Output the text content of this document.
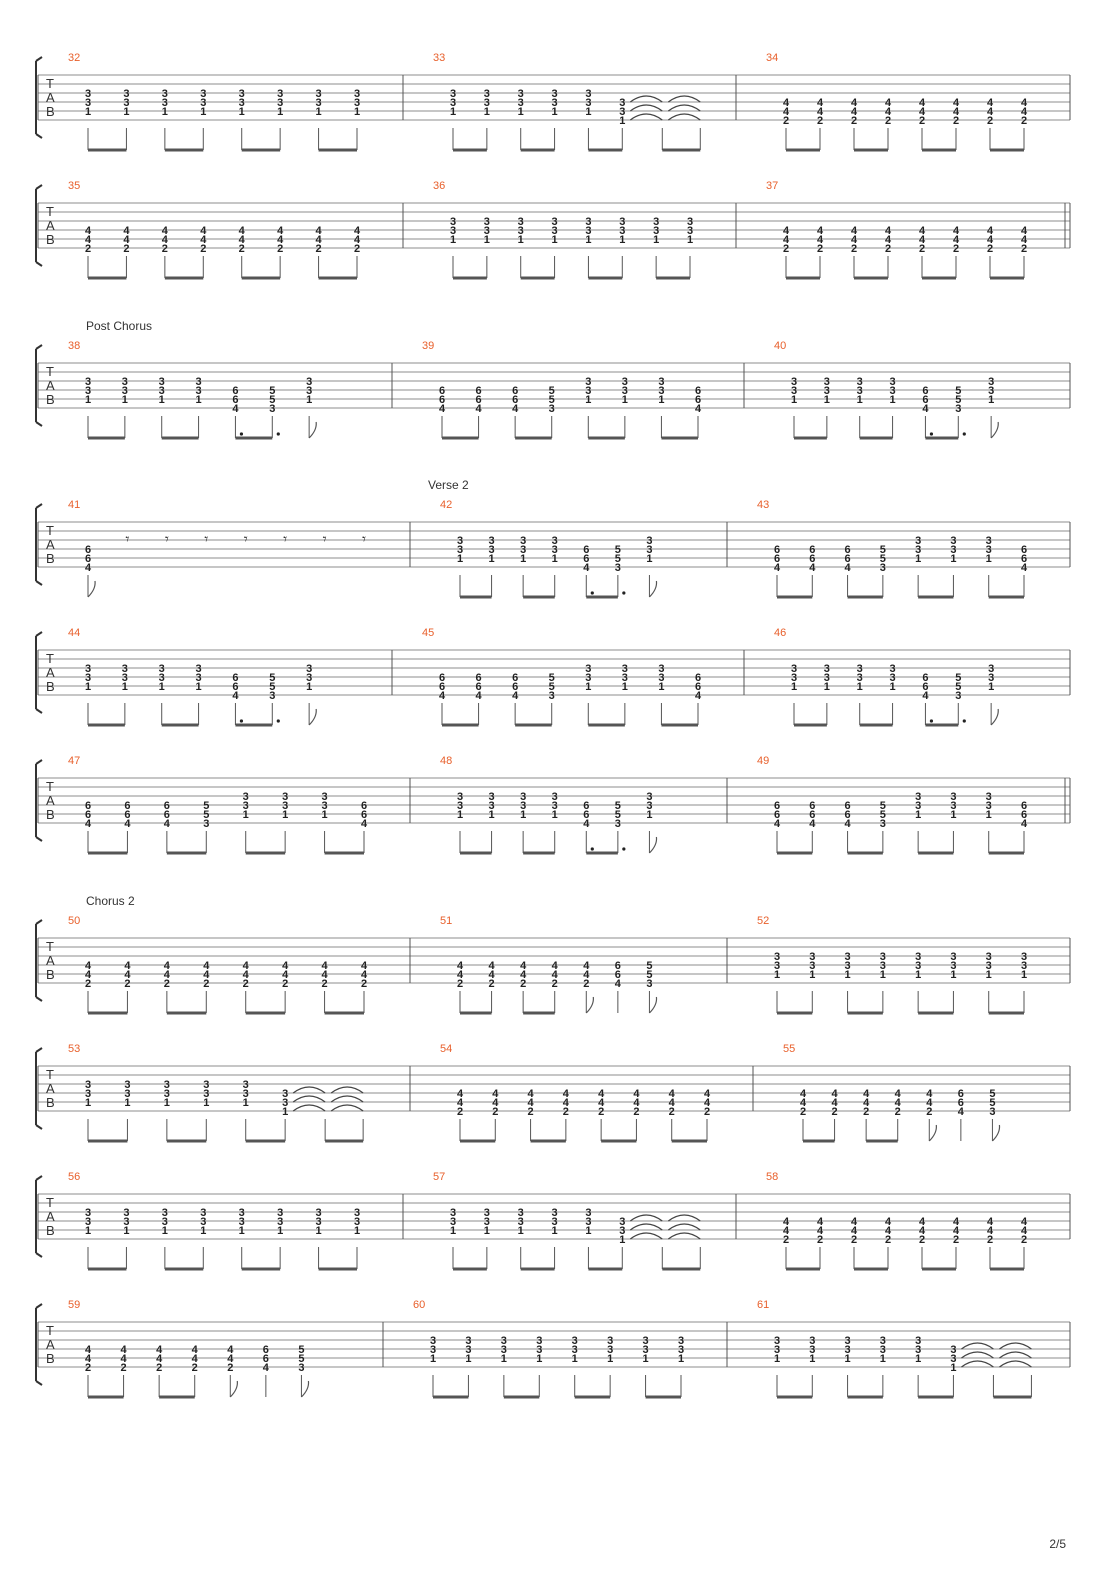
T
A
B
32
3
3
1
3
3
1
3
3
1
3
3
1
3
3
1
3
3
1
3
3
1
3
3
1
33
3
3
1
3
3
1
3
3
1
3
3
1
3
3
1
3
3
1
34
4
4
2
4
4
2
4
4
2
4
4
2
4
4
2
4
4
2
4
4
2
4
4
2
T
A
B
35
4
4
2
4
4
2
4
4
2
4
4
2
4
4
2
4
4
2
4
4
2
4
4
2
36
3
3
1
3
3
1
3
3
1
3
3
1
3
3
1
3
3
1
3
3
1
3
3
1
37
4
4
2
4
4
2
4
4
2
4
4
2
4
4
2
4
4
2
4
4
2
4
4
2
Post Chorus
T
A
B
38
3
3
1
3
3
1
3
3
1
3
3
1
6
6
4
5
5
3
3
3
1
39
6
6
4
6
6
4
6
6
4
5
5
3
3
3
1
3
3
1
3
3
1
6
6
4
40
3
3
1
3
3
1
3
3
1
3
3
1
6
6
4
5
5
3
3
3
1
Verse 2
T
A
B
41
6
6
4
𝄾 𝄾 𝄾 𝄾 𝄾 𝄾 𝄾
42
3
3
1
3
3
1
3
3
1
3
3
1
6
6
4
5
5
3
3
3
1
43
6
6
4
6
6
4
6
6
4
5
5
3
3
3
1
3
3
1
3
3
1
6
6
4
T
A
B
44
3
3
1
3
3
1
3
3
1
3
3
1
6
6
4
5
5
3
3
3
1
45
6
6
4
6
6
4
6
6
4
5
5
3
3
3
1
3
3
1
3
3
1
6
6
4
46
3
3
1
3
3
1
3
3
1
3
3
1
6
6
4
5
5
3
3
3
1
T
A
B
47
6
6
4
6
6
4
6
6
4
5
5
3
3
3
1
3
3
1
3
3
1
6
6
4
48
3
3
1
3
3
1
3
3
1
3
3
1
6
6
4
5
5
3
3
3
1
49
6
6
4
6
6
4
6
6
4
5
5
3
3
3
1
3
3
1
3
3
1
6
6
4
Chorus 2
T
A
B
50
4
4
2
4
4
2
4
4
2
4
4
2
4
4
2
4
4
2
4
4
2
4
4
2
51
4
4
2
4
4
2
4
4
2
4
4
2
4
4
2
6
6
4
5
5
3
52
3
3
1
3
3
1
3
3
1
3
3
1
3
3
1
3
3
1
3
3
1
3
3
1
T
A
B
53
3
3
1
3
3
1
3
3
1
3
3
1
3
3
1
3
3
1
54
4
4
2
4
4
2
4
4
2
4
4
2
4
4
2
4
4
2
4
4
2
4
4
2
55
4
4
2
4
4
2
4
4
2
4
4
2
4
4
2
6
6
4
5
5
3
T
A
B
56
3
3
1
3
3
1
3
3
1
3
3
1
3
3
1
3
3
1
3
3
1
3
3
1
57
3
3
1
3
3
1
3
3
1
3
3
1
3
3
1
3
3
1
58
4
4
2
4
4
2
4
4
2
4
4
2
4
4
2
4
4
2
4
4
2
4
4
2
T
A
B
59
4
4
2
4
4
2
4
4
2
4
4
2
4
4
2
6
6
4
5
5
3
60
3
3
1
3
3
1
3
3
1
3
3
1
3
3
1
3
3
1
3
3
1
3
3
1
61
3
3
1
3
3
1
3
3
1
3
3
1
3
3
1
3
3
1
2/5
